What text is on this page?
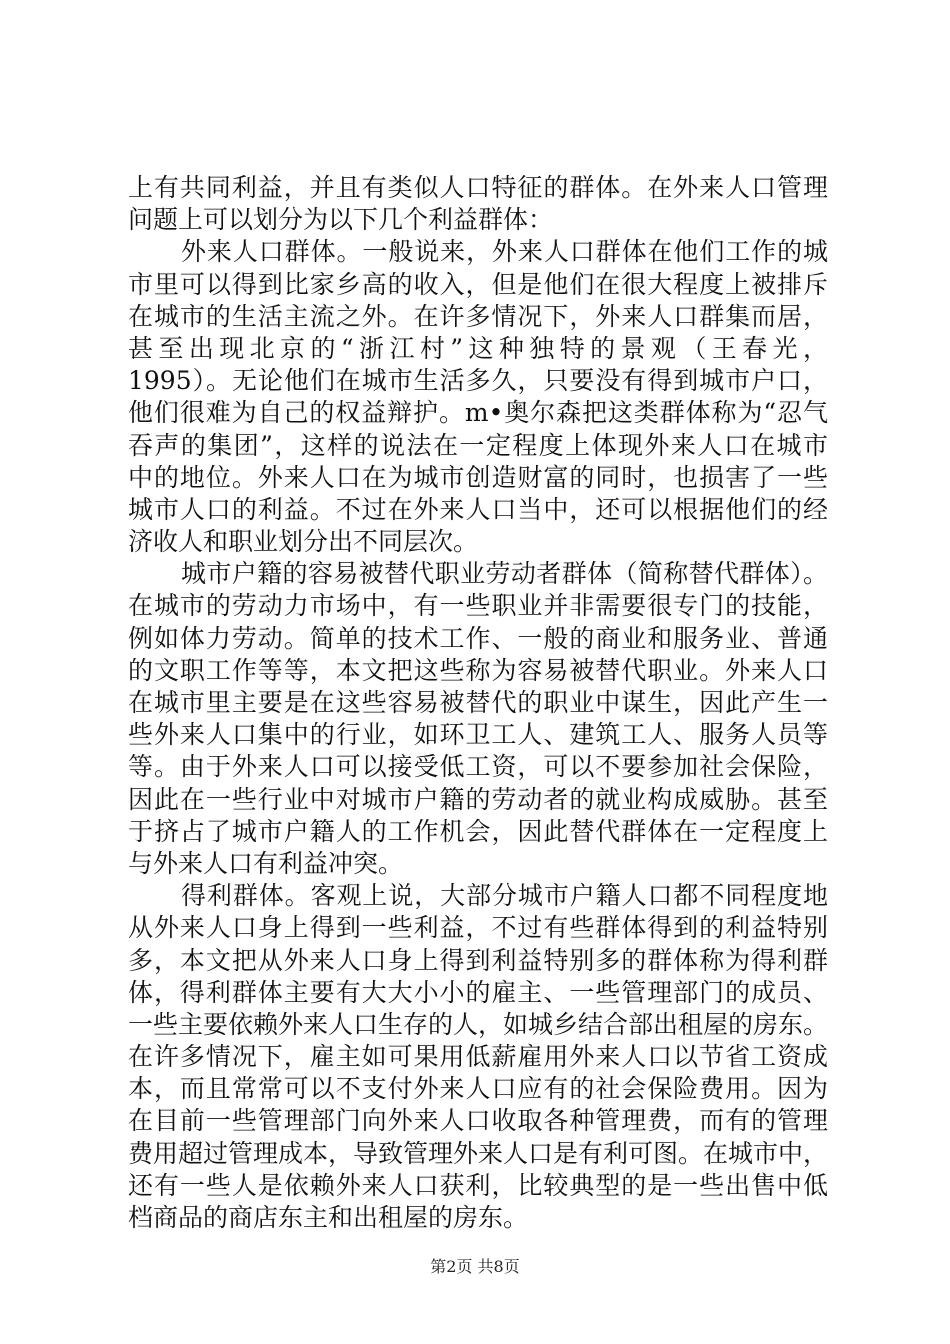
上有共同利益，并且有类似人口特征的群体。在外来人口管理
问题上可以划分为以下几个利益群体：
外来人口群体。一般说来，外来人口群体在他们工作的城
市里可以得到比家乡高的收入，但是他们在很大程度上被排斥
在城市的生活主流之外。在许多情况下，外来人口群集而居，
甚至出现北京的“浙江村”这种独特的景观（王春光，
1995）。无论他们在城市生活多久，只要没有得到城市户口，
他们很难为自己的权益辩护。m•奥尔森把这类群体称为“忍气
吞声的集团”，这样的说法在一定程度上体现外来人口在城市
中的地位。外来人口在为城市创造财富的同时，也损害了一些
城市人口的利益。不过在外来人口当中，还可以根据他们的经
济收人和职业划分出不同层次。
城市户籍的容易被替代职业劳动者群体（简称替代群体）。
在城市的劳动力市场中，有一些职业并非需要很专门的技能，
例如体力劳动。简单的技术工作、一般的商业和服务业、普通
的文职工作等等，本文把这些称为容易被替代职业。外来人口
在城市里主要是在这些容易被替代的职业中谋生，因此产生一
些外来人口集中的行业，如环卫工人、建筑工人、服务人员等
等。由于外来人口可以接受低工资，可以不要参加社会保险，
因此在一些行业中对城市户籍的劳动者的就业构成威胁。甚至
于挤占了城市户籍人的工作机会，因此替代群体在一定程度上
与外来人口有利益冲突。
得利群体。客观上说，大部分城市户籍人口都不同程度地
从外来人口身上得到一些利益，不过有些群体得到的利益特别
多，本文把从外来人口身上得到利益特别多的群体称为得利群
体，得利群体主要有大大小小的雇主、一些管理部门的成员、
一些主要依赖外来人口生存的人，如城乡结合部出租屋的房东。
在许多情况下，雇主如可果用低薪雇用外来人口以节省工资成
本，而且常常可以不支付外来人口应有的社会保险费用。因为
在目前一些管理部门向外来人口收取各种管理费，而有的管理
费用超过管理成本，导致管理外来人口是有利可图。在城市中，
还有一些人是依赖外来人口获利，比较典型的是一些出售中低
档商品的商店东主和出租屋的房东。
第2页 共8页
